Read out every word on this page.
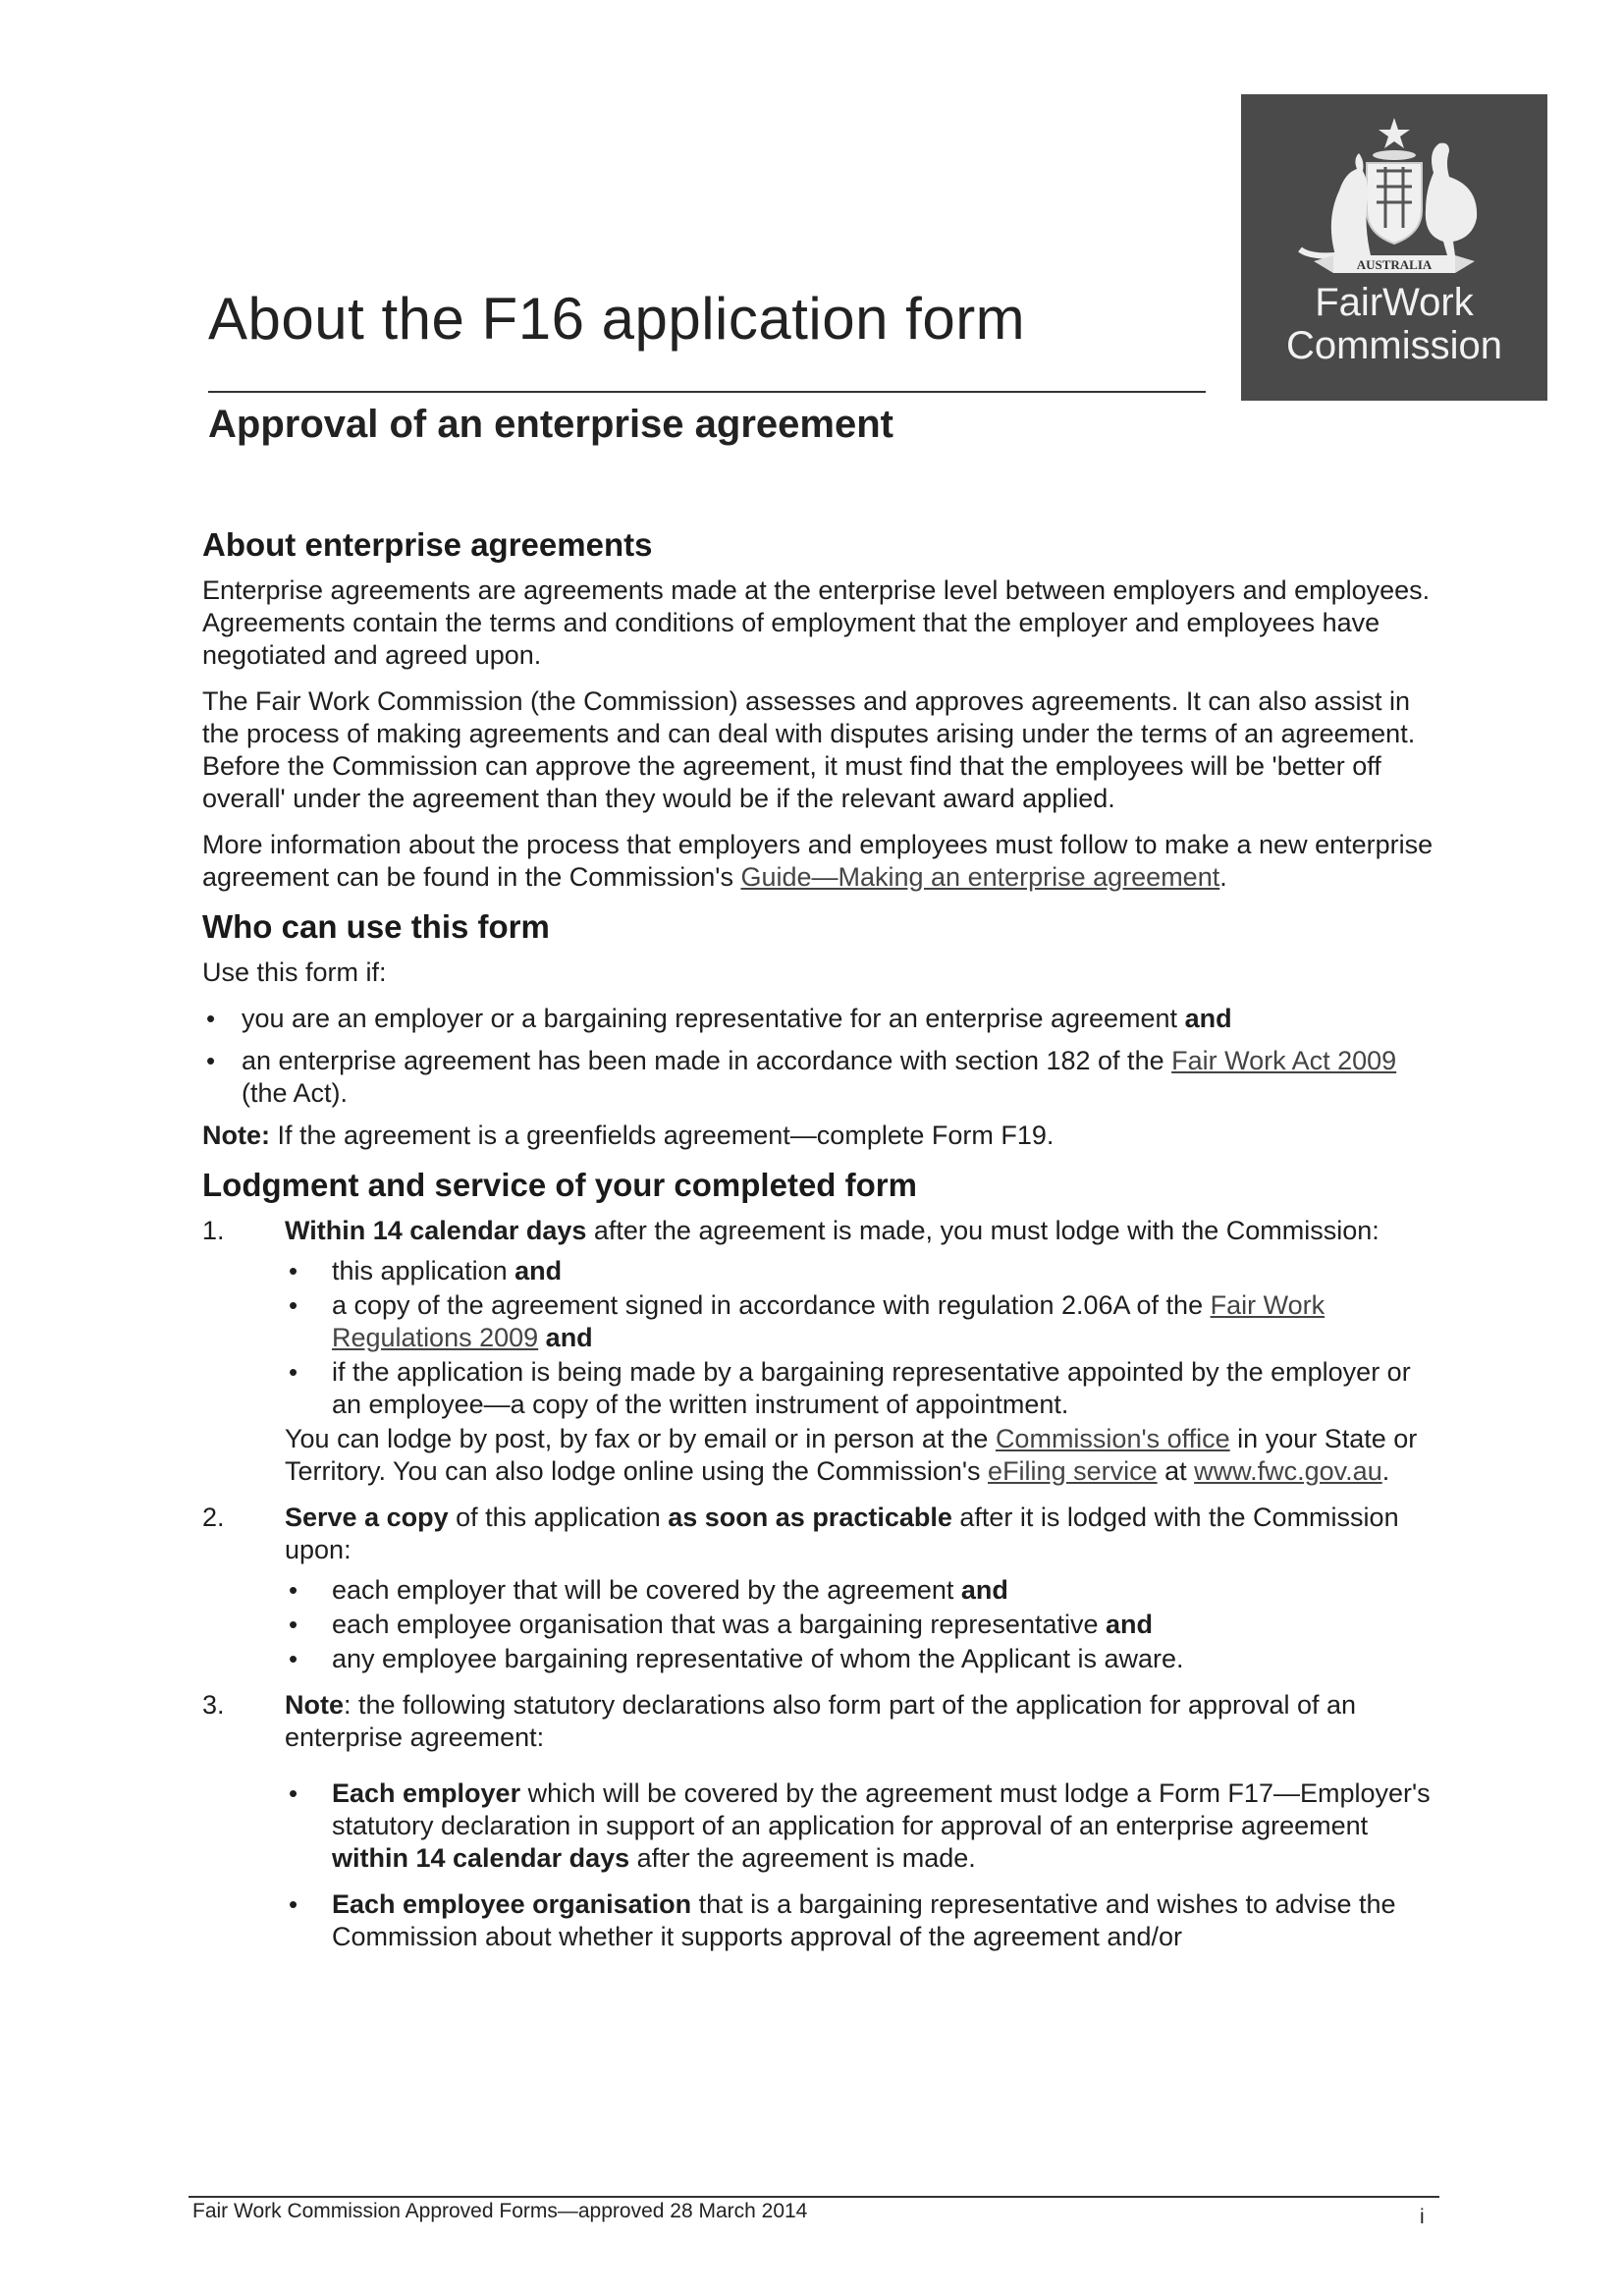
AUSTRALIA
FairWork
Commission
About the F16 application form
Approval of an enterprise agreement
About enterprise agreements

Enterprise agreements are agreements made at the enterprise level between employers and employees. Agreements contain the terms and conditions of employment that the employer and employees have negotiated and agreed upon.

The Fair Work Commission (the Commission) assesses and approves agreements. It can also assist in the process of making agreements and can deal with disputes arising under the terms of an agreement. Before the Commission can approve the agreement, it must find that the employees will be 'better off overall' under the agreement than they would be if the relevant award applied.

More information about the process that employers and employees must follow to make a new enterprise agreement can be found in the Commission's Guide—Making an enterprise agreement.

Who can use this form

Use this form if:

• you are an employer or a bargaining representative for an enterprise agreement and
• an enterprise agreement has been made in accordance with section 182 of the Fair Work Act 2009 (the Act).

Note: If the agreement is a greenfields agreement—complete Form F19.

Lodgment and service of your completed form
1. Within 14 calendar days after the agreement is made, you must lodge with the Commission:
• this application and
• a copy of the agreement signed in accordance with regulation 2.06A of the Fair Work Regulations 2009 and
• if the application is being made by a bargaining representative appointed by the employer or an employee—a copy of the written instrument of appointment.

You can lodge by post, by fax or by email or in person at the Commission's office in your State or Territory. You can also lodge online using the Commission's eFiling service at www.fwc.gov.au.

2. Serve a copy of this application as soon as practicable after it is lodged with the Commission upon:
• each employer that will be covered by the agreement and
• each employee organisation that was a bargaining representative and
• any employee bargaining representative of whom the Applicant is aware.
3. Note: the following statutory declarations also form part of the application for approval of an enterprise agreement:
• Each employer which will be covered by the agreement must lodge a Form F17—Employer's statutory declaration in support of an application for approval of an enterprise agreement within 14 calendar days after the agreement is made.
• Each employee organisation that is a bargaining representative and wishes to advise the Commission about whether it supports approval of the agreement and/or
Fair Work Commission Approved Forms—approved 28 March 2014	i
